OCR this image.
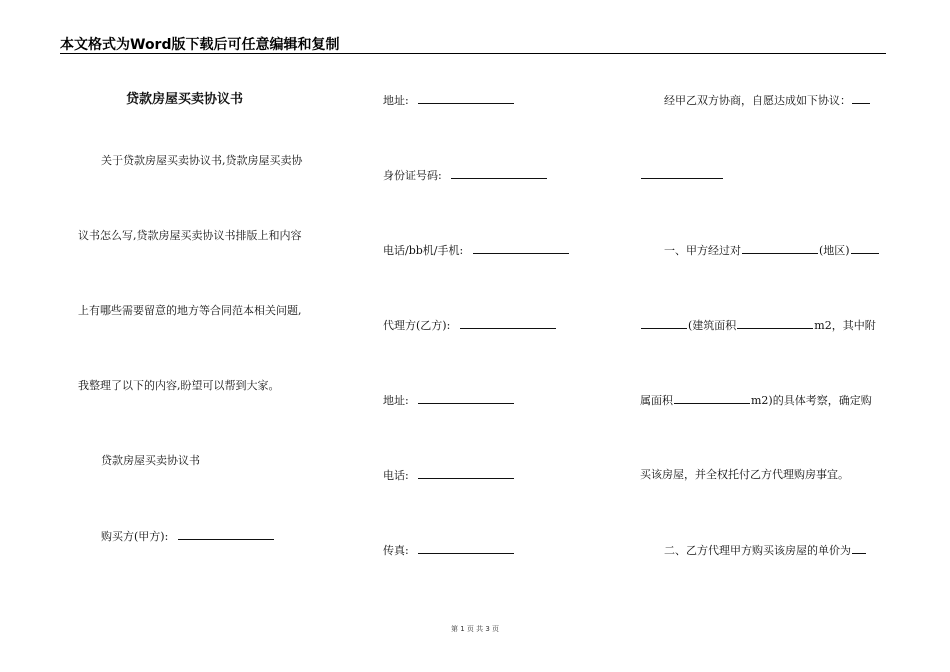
本文格式为Word版下载后可任意编辑和复制
贷款房屋买卖协议书
关于贷款房屋买卖协议书,贷款房屋买卖协
议书怎么写,贷款房屋买卖协议书排版上和内容
上有哪些需要留意的地方等合同范本相关问题,
我整理了以下的内容,盼望可以帮到大家。
贷款房屋买卖协议书
购买方(甲方):
地址:
身份证号码:
电话/bb机/手机:
代理方(乙方):
地址:
电话:
传真:
经甲乙双方协商，自愿达成如下协议：
一、甲方经过对	(地区)
(建筑面积	m2，其中附
属面积	m2)的具体考察，确定购
买该房屋，并全权托付乙方代理购房事宜。
二、乙方代理甲方购买该房屋的单价为
第 1 页 共 3 页
